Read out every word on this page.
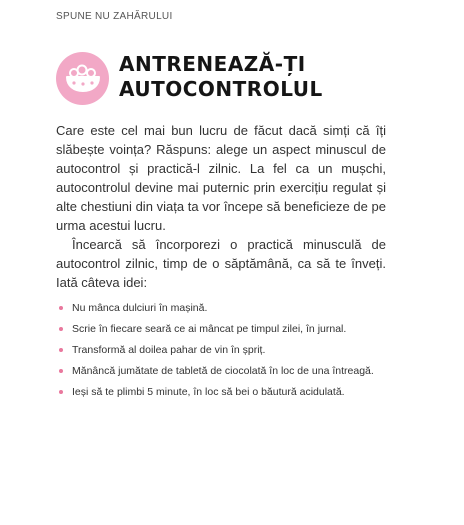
SPUNE NU ZAHĂRULUI
ANTRENEAZĂ-ȚI
AUTOCONTROLUL

Care este cel mai bun lucru de făcut dacă simți că îți slăbește voința? Răspuns: alege un aspect minuscul de autocontrol și practică-l zilnic. La fel ca un mușchi, autocontrolul devine mai puternic prin exercițiu regulat și alte chestiuni din viața ta vor începe să beneficieze de pe urma acestui lucru.

Încearcă să încorporezi o practică minusculă de autocontrol zilnic, timp de o săptămână, ca să te înveți. Iată câteva idei:

Nu mânca dulciuri în mașină.
Scrie în fiecare seară ce ai mâncat pe timpul zilei, în jurnal.
Transformă al doilea pahar de vin în șpriț.
Mănâncă jumătate de tabletă de ciocolată în loc de una întreagă.
Ieși să te plimbi 5 minute, în loc să bei o băutură acidulată.
